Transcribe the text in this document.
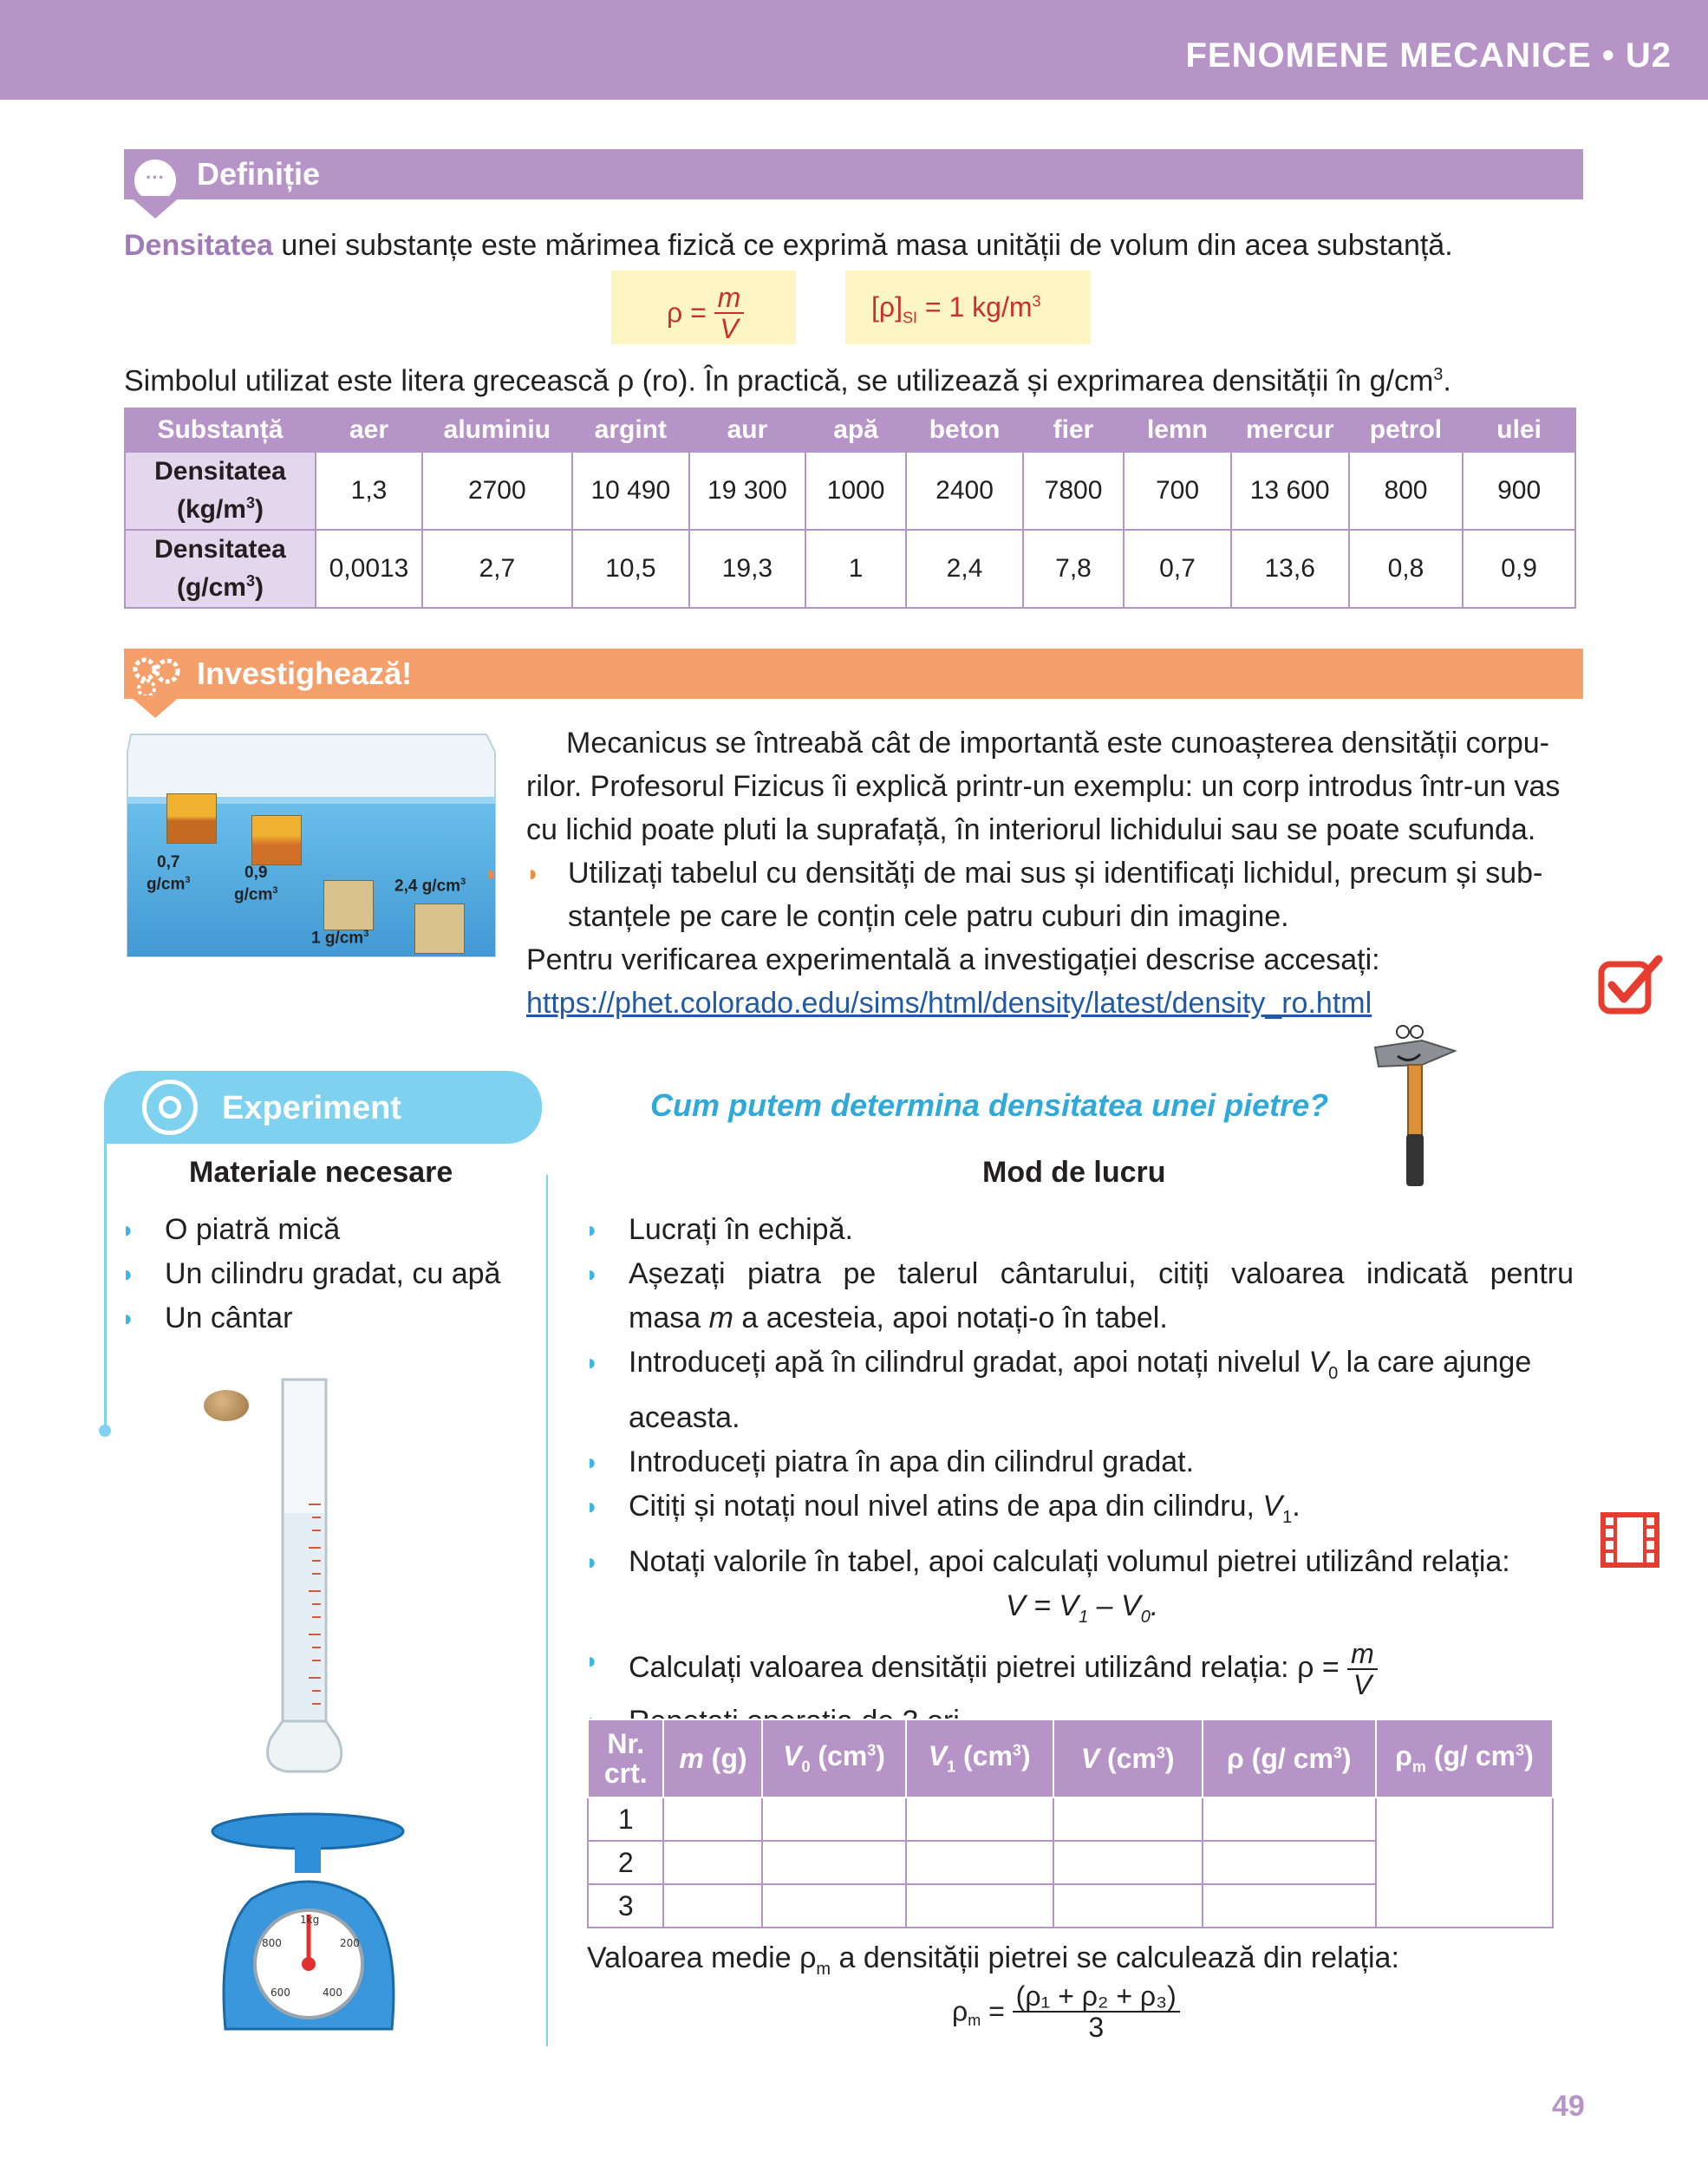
FENOMENE MECANICE • U2
···	Definiție
Densitatea unei substanțe este mărimea fizică ce exprimă masa unității de volum din acea substanță.
$\rho = \frac{m}{V}$	$[\rho]_{SI} = 1$ $kg/m^3$
Simbolul utilizat este litera grecească ρ (ro). În practică, se utilizează și exprimarea densității în $g/cm^3$.
Substanță	aer	aluminiu	argint	aur	apă	beton	fier	lemn	mercur	petrol	ulei
Densitatea
$(kg/m^3)$	1,3	2700	10 490	19 300	1000	2400	7800	700	13 600	800	900
Densitatea
$(g/cm^3)$	0,0013	2,7	10,5	19,3	1	2,4	7,8	0,7	13,6	0,8	0,9
Investighează!
0,7
$g/cm^3$	0,9
$g/cm^3$
1 $g/cm^3$
2,4 $g/cm^3$
Mecanicus se întreabă cât de importantă este cunoașterea densității corpu-
rilor. Profesorul Fizicus îi explică printr-un exemplu: un corp introdus într-un vas
cu lichid poate pluti la suprafață, în interiorul lichidului sau se poate scufunda.
◗ ◗ Utilizați tabelul cu densități de mai sus și identificați lichidul, precum și sub-
stanțele pe care le conțin cele patru cuburi din imagine.
Pentru verificarea experimentală a investigației descrise accesați:
https://phet.colorado.edu/sims/html/density/latest/density_ro.html
Experiment	Cum putem determina densitatea unei pietre?
Materiale necesare
◗ O piatră mică
◗ Un cilindru gradat, cu apă
◗ Un cântar
1kg
200
400
600
800
Mod de lucru
◗ Lucrați în echipă.
◗ Așezați piatra pe talerul cântarului, citiți valoarea indicată pentru
masa m a acesteia, apoi notați-o în tabel.
◗ Introduceți apă în cilindrul gradat, apoi notați nivelul $V_0$ la care ajunge
aceasta.
◗ Introduceți piatra în apa din cilindrul gradat.
◗ Citiți și notați noul nivel atins de apa din cilindru, $V_1$.
◗ Notați valorile în tabel, apoi calculați volumul pietrei utilizând relația:
$V = V_1 - V_0$.
◗ Calculați valoarea densității pietrei utilizând relația: $\rho = \frac{m}{V}$
◗
Nr.
crt.	m (g)	$V_0$ $(cm^3)$	$V_1$ $(cm^3)$	V $(cm^3)$	ρ (g/ $cm^3$)	$\rho_m$ (g/ $cm^3$)
1						
2						
3						
Valoarea medie $\rho_m$ a densității pietrei se calculează din relația:
$\rho_m = \frac{\text{(ρ₁ + ρ₂ + ρ₃)}}{3}$
49
